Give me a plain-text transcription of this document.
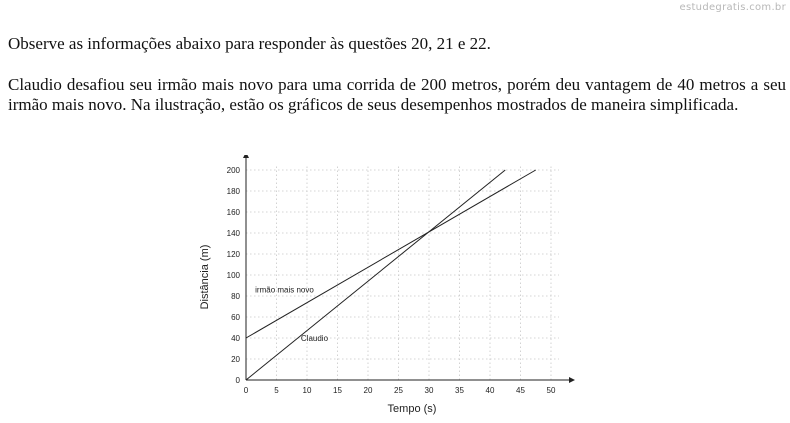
estudegratis.com.br

Observe as informações abaixo para responder às questões 20, 21 e 22.

Claudio desafiou seu irmão mais novo para uma corrida de 200 metros, porém deu vantagem de 40 metros a seu irmão mais novo. Na ilustração, estão os gráficos de seus desempenhos mostrados de maneira simplificada.

0	5	10	15	20	25	30	35	40	45	50
0
20
40
60
80
100
120
140
160
180
200
Claudio
irmão mais novo
Tempo (s)
Distância (m)
